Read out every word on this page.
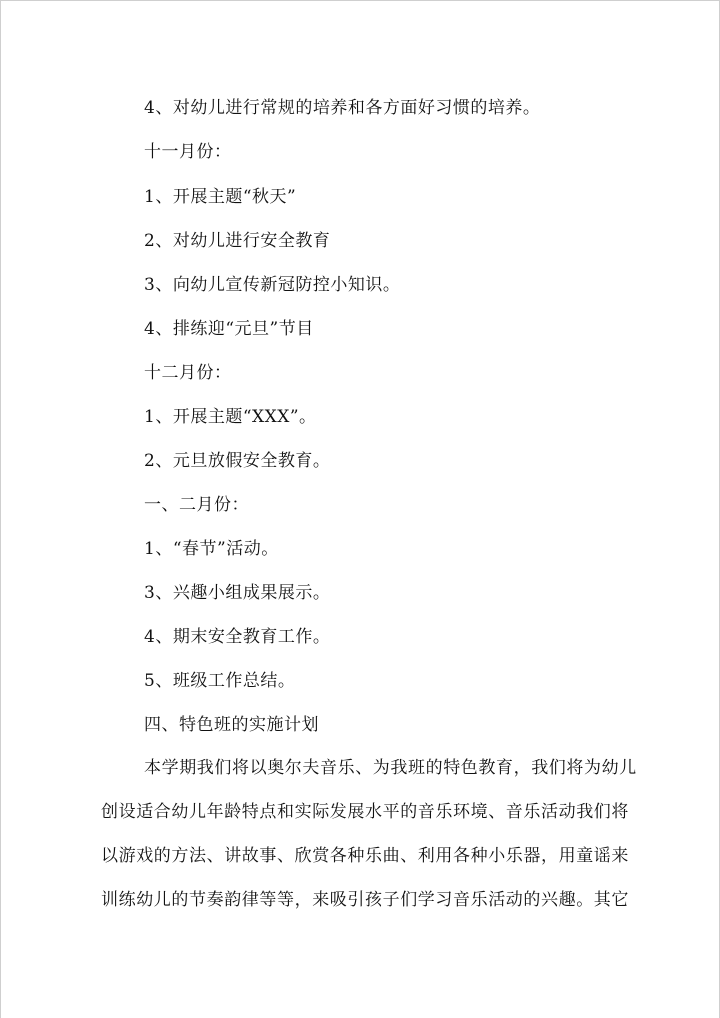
4、对幼儿进行常规的培养和各方面好习惯的培养。
十一月份：
1、开展主题“秋天”
2、对幼儿进行安全教育
3、向幼儿宣传新冠防控小知识。
4、排练迎“元旦”节目
十二月份：
1、开展主题“XXX”。
2、元旦放假安全教育。
一、二月份：
1、“春节”活动。
3、兴趣小组成果展示。
4、期末安全教育工作。
5、班级工作总结。
四、特色班的实施计划
本学期我们将以奥尔夫音乐、为我班的特色教育，我们将为幼儿
创设适合幼儿年龄特点和实际发展水平的音乐环境、音乐活动我们将
以游戏的方法、讲故事、欣赏各种乐曲、利用各种小乐器，用童谣来
训练幼儿的节奏韵律等等，来吸引孩子们学习音乐活动的兴趣。其它
